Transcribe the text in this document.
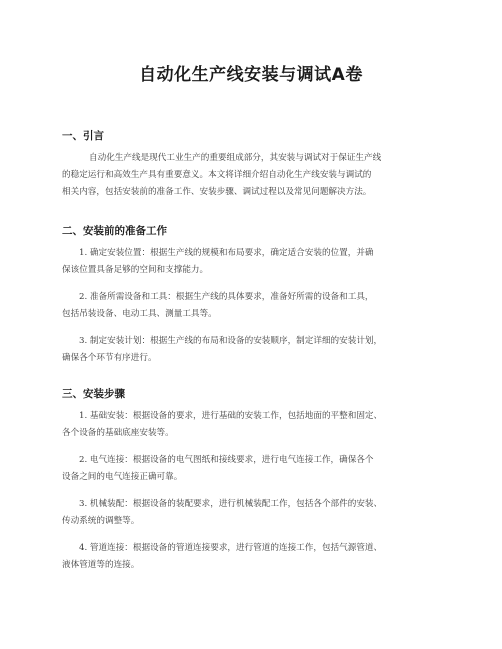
自动化生产线安装与调试A卷
一、引言
自动化生产线是现代工业生产的重要组成部分，其安装与调试对于保证生产线
的稳定运行和高效生产具有重要意义。本文将详细介绍自动化生产线安装与调试的
相关内容，包括安装前的准备工作、安装步骤、调试过程以及常见问题解决方法。
二、安装前的准备工作
1. 确定安装位置：根据生产线的规模和布局要求，确定适合安装的位置，并确
保该位置具备足够的空间和支撑能力。
2. 准备所需设备和工具：根据生产线的具体要求，准备好所需的设备和工具，
包括吊装设备、电动工具、测量工具等。
3. 制定安装计划：根据生产线的布局和设备的安装顺序，制定详细的安装计划，
确保各个环节有序进行。
三、安装步骤
1. 基础安装：根据设备的要求，进行基础的安装工作，包括地面的平整和固定、
各个设备的基础底座安装等。
2. 电气连接：根据设备的电气图纸和接线要求，进行电气连接工作，确保各个
设备之间的电气连接正确可靠。
3. 机械装配：根据设备的装配要求，进行机械装配工作，包括各个部件的安装、
传动系统的调整等。
4. 管道连接：根据设备的管道连接要求，进行管道的连接工作，包括气源管道、
液体管道等的连接。
